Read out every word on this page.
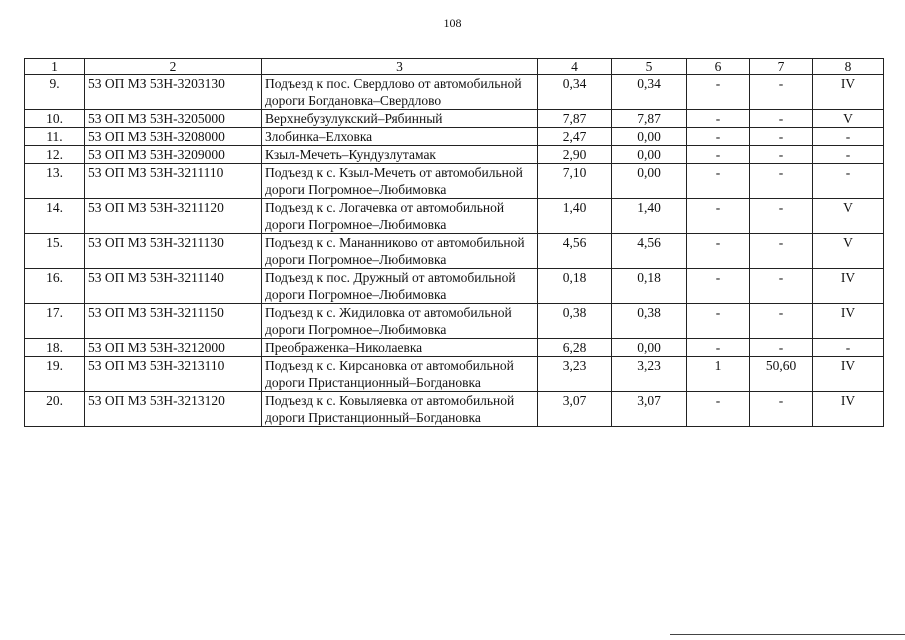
108
1	2	3	4	5	6	7	8
9.	53 ОП МЗ 53Н-3203130	Подъезд к пос. Свердлово от автомобильной дороги Богдановка–Свердлово	0,34	0,34	-	-	IV
10.	53 ОП МЗ 53Н-3205000	Верхнебузулукский–Рябинный	7,87	7,87	-	-	V
11.	53 ОП МЗ 53Н-3208000	Злобинка–Елховка	2,47	0,00	-	-	-
12.	53 ОП МЗ 53Н-3209000	Кзыл-Мечеть–Кундузлутамак	2,90	0,00	-	-	-
13.	53 ОП МЗ 53Н-3211110	Подъезд к с. Кзыл-Мечеть от автомобильной дороги Погромное–Любимовка	7,10	0,00	-	-	-
14.	53 ОП МЗ 53Н-3211120	Подъезд к с. Логачевка от автомобильной дороги Погромное–Любимовка	1,40	1,40	-	-	V
15.	53 ОП МЗ 53Н-3211130	Подъезд к с. Мананниково от автомобильной дороги Погромное–Любимовка	4,56	4,56	-	-	V
16.	53 ОП МЗ 53Н-3211140	Подъезд к пос. Дружный от автомобильной дороги Погромное–Любимовка	0,18	0,18	-	-	IV
17.	53 ОП МЗ 53Н-3211150	Подъезд к с. Жидиловка от автомобильной дороги Погромное–Любимовка	0,38	0,38	-	-	IV
18.	53 ОП МЗ 53Н-3212000	Преображенка–Николаевка	6,28	0,00	-	-	-
19.	53 ОП МЗ 53Н-3213110	Подъезд к с. Кирсановка от автомобильной дороги Пристанционный–Богдановка	3,23	3,23	1	50,60	IV
20.	53 ОП МЗ 53Н-3213120	Подъезд к с. Ковыляевка от автомобильной дороги Пристанционный–Богдановка	3,07	3,07	-	-	IV
